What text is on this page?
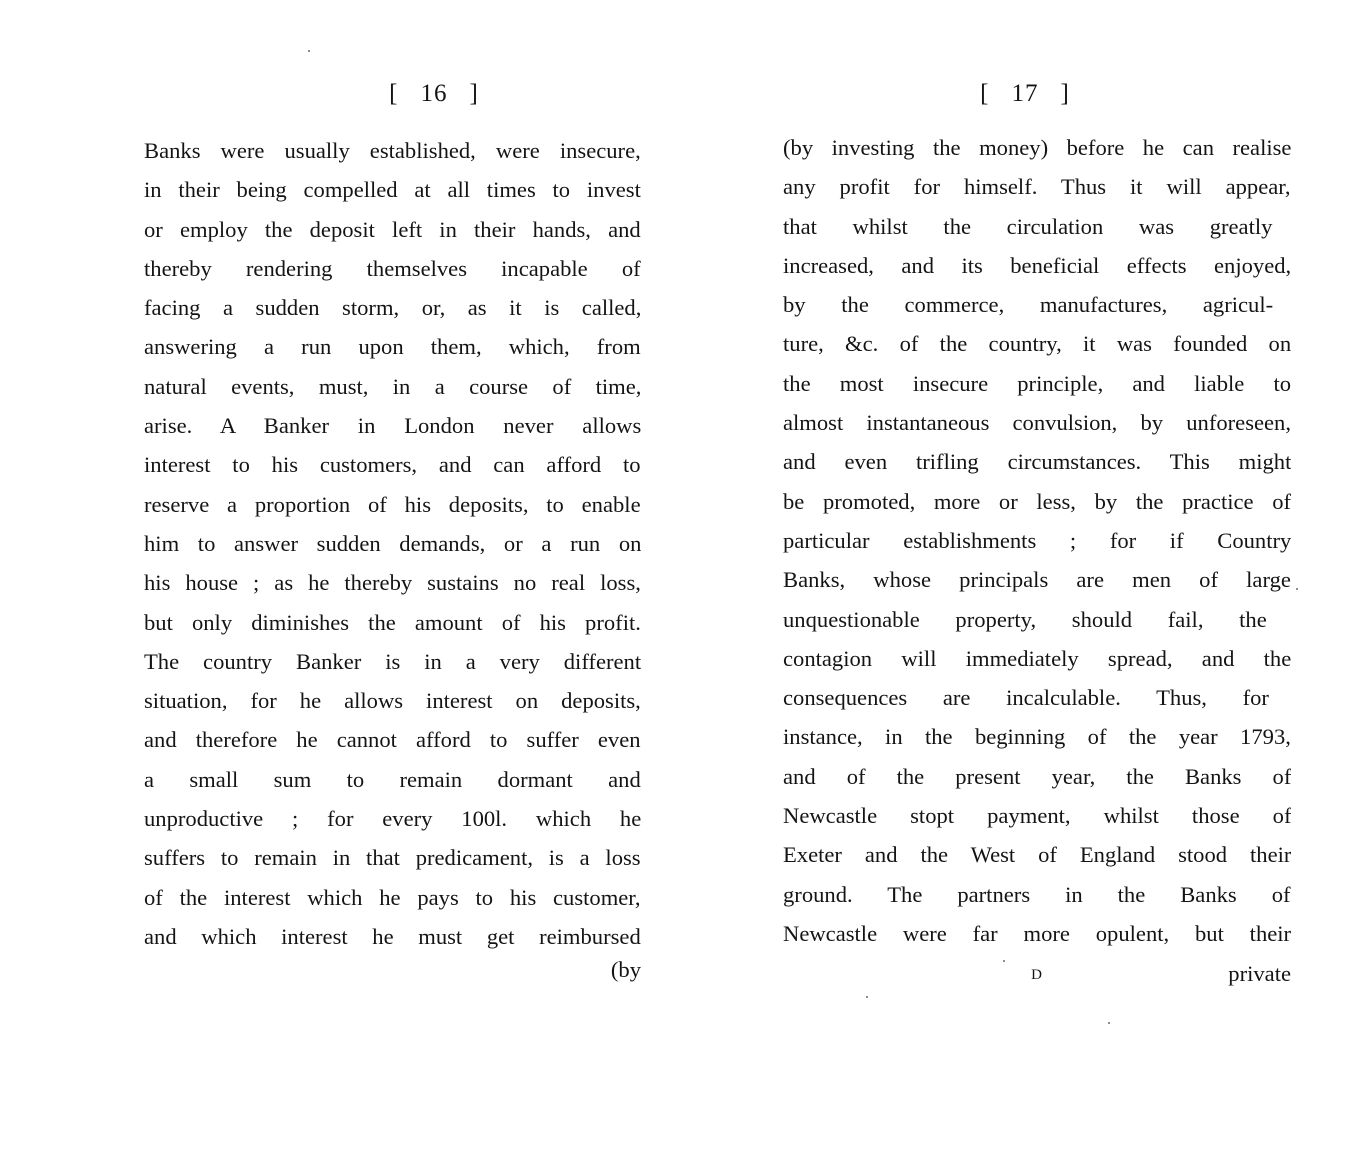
[ 16 ]
Banks were usually established, were insecure,
in their being compelled at all times to invest
or employ the deposit left in their hands, and
thereby rendering themselves incapable of
facing a sudden storm, or, as it is called,
answering a run upon them, which, from
natural events, must, in a course of time,
arise. A Banker in London never allows
interest to his customers, and can afford to
reserve a proportion of his deposits, to enable
him to answer sudden demands, or a run on
his house ; as he thereby sustains no real loss,
but only diminishes the amount of his profit.
The country Banker is in a very different
situation, for he allows interest on deposits,
and therefore he cannot afford to suffer even
a small sum to remain dormant and
unproductive ; for every 100l. which he
suffers to remain in that predicament, is a loss
of the interest which he pays to his customer,
and which interest he must get reimbursed
(by
[ 17 ]
(by investing the money) before he can realise
any profit for himself. Thus it will appear,
that whilst the circulation was greatly
increased, and its beneficial effects enjoyed,
by the commerce, manufactures, agricul-
ture, &c. of the country, it was founded on
the most insecure principle, and liable to
almost instantaneous convulsion, by unforeseen,
and even trifling circumstances. This might
be promoted, more or less, by the practice of
particular establishments ; for if Country
Banks, whose principals are men of large
unquestionable property, should fail, the
contagion will immediately spread, and the
consequences are incalculable. Thus, for
instance, in the beginning of the year 1793,
and of the present year, the Banks of
Newcastle stopt payment, whilst those of
Exeter and the West of England stood their
ground. The partners in the Banks of
Newcastle were far more opulent, but their
D	private
